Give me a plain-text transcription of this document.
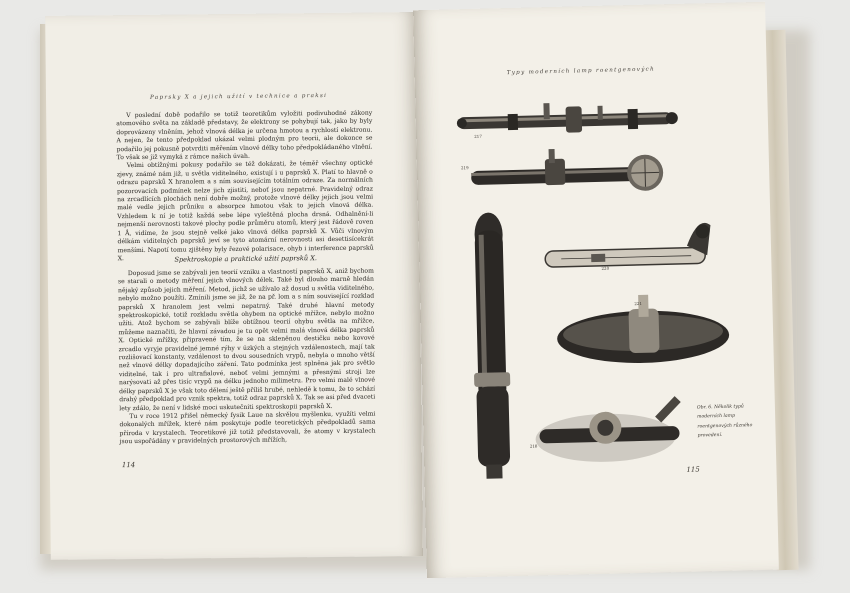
Paprsky X a jejich užití v technice a praksi

V poslední době podařilo se totiž teoretikům vyložiti podivuhodné zákony atomového světa na základě představy, že elektrony se pohybují tak, jako by byly doprovázeny vlněním, jehož vlnová délka je určena hmotou a rychlostí elektronu. A nejen, že tento předpoklad ukázal velmi plodným pro teorii, ale dokonce se podařilo jej pokusně potvrditi měřením vlnové délky toho předpokládaného vlnění. To však se již vymyká z rámce našich úvah.

Velmi obtížnými pokusy podařilo se též dokázati, že téměř všechny optické zjevy, známé nám již, u světla viditelného, existují i u paprsků X. Platí to hlavně o odrazu paprsků X hranolem a s ním souvisejícím totálním odraze. Za normálních pozorovacích podmínek nelze jich zjistiti, neboť jsou nepatrné. Pravidelný odraz na zrcadlících plochách není dobře možný, protože vlnové délky jejich jsou velmi malé vedle jejich průniku a absorpce hmotou však to jejich vlnová délka. Vzhledem k ní je totiž každá sebe lépe vyleštěná plocha drsná. Odhalnění-li nejmenší nerovnosti takové plochy podle průměru atomů, který jest řádově roven 1 Å, vidíme, že jsou stejně velké jako vlnová délka paprsků X. Vůči vlnovým délkám viditelných paprsků jeví se tyto atomární nerovnosti asi desettisícekrát menšími. Napotí tomu zjištěny byly řezové polarisace, ohyb i interference paprsků X.	Spektroskopie a praktické užití paprsků X.

Doposud jsme se zabývali jen teorií vzniku a vlastností paprsků X, aniž bychom se starali o metody měření jejich vlnových délek. Také byl dlouho marně hledán nějaký způsob jejich měření. Metod, jichž se užívalo až dosud u světla viditelného, nebylo možno použíti. Zmínili jsme se již, že na př. lom a s ním související rozklad paprsků X hranolem jest velmi nepatrný. Také druhé hlavní metody spektroskopické, totiž rozkladu světla ohybem na optické mřížce, nebylo možno užíti. Atož bychom se zabývali blíže obtížnou teorií ohybu světla na mřížce, můžeme naznačiti, že hlavní závadou je tu opět velmi malá vlnová délka paprsků X. Optické mřížky, připravené tím, že se na skleněnou destičku nebo kovové zrcadlo vyryje pravidelné jemné rýhy v úzkých a stejných vzdálenostech, mají tak rozlišovací konstanty, vzdálenost to dvou sousedních vrypů, nebyla o mnoho větší než vlnové délky dopadajícího záření. Tato podmínka jest splněna jak pro světlo viditelné, tak i pro ultrafialové, neboť velmi jemnými a přesnými stroji lze narýsovati až přes tisíc vrypů na délku jednoho milimetru. Pro velmi malé vlnové délky paprsků X je však toto dělení ještě příliš hrubé, nehledě k tomu, že to schází drahý předpoklad pro vznik spektra, totiž odraz paprsků X. Tak se asi před dvaceti lety zdálo, že není v lidské moci uskutečniti spektroskopii paprsků X.

Tu v roce 1912 přišel německý fysik Laue na skvělou myšlenku, využíti velmi dokonalých mřížek, které nám poskytuje podle teoretických předpokladů sama příroda v krystalech. Teoretikové již totiž představovali, že atomy v krystalech jsou uspořádány v pravidelných prostorových mřížích,

114
Typy moderních lamp roentgenových
217
219
220
221
218
Obr. 6. Několik typů moderních lamp roentgenových různého provedení.
115
